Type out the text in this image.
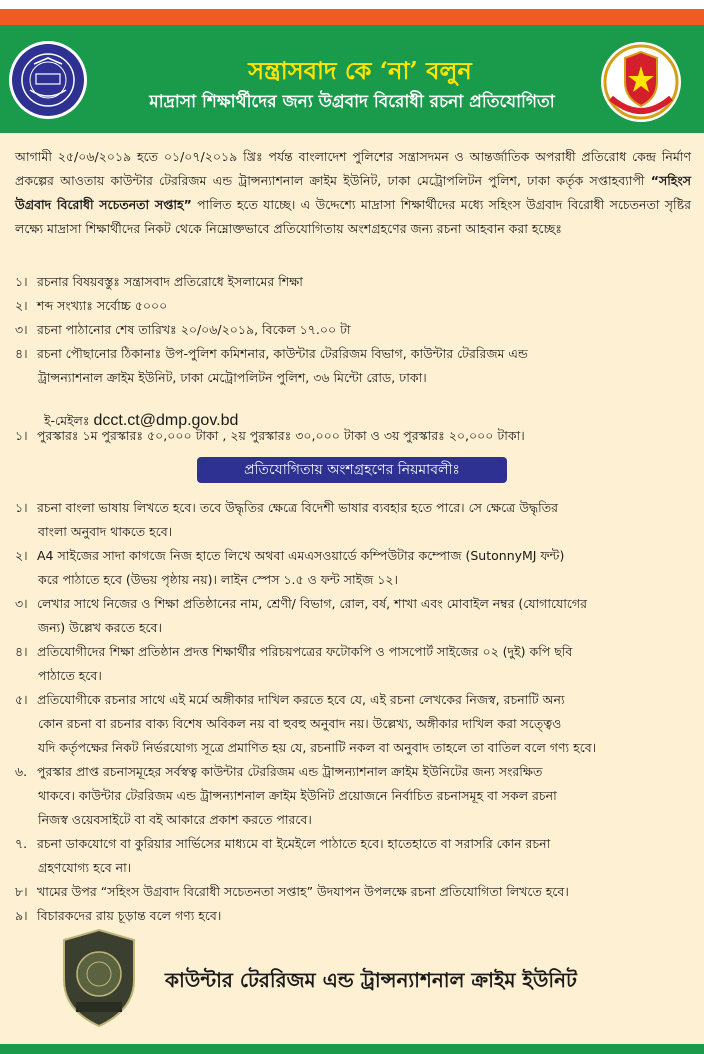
সন্ত্রাসবাদ কে ‘না’ বলুন
মাদ্রাসা শিক্ষার্থীদের জন্য উগ্রবাদ বিরোধী রচনা প্রতিযোগিতা
আগামী ২৫/০৬/২০১৯ হতে ০১/০৭/২০১৯ খ্রিঃ পর্যন্ত বাংলাদেশ পুলিশের সন্ত্রাসদমন ও আন্তর্জাতিক অপরাধী প্রতিরোধ কেন্দ্র নির্মাণ প্রকল্পের আওতায় কাউন্টার টেররিজম এন্ড ট্রান্সন্যাশনাল ক্রাইম ইউনিট, ঢাকা মেট্রোপলিটন পুলিশ, ঢাকা কর্তৃক সপ্তাহব্যাপী “সহিংস উগ্রবাদ বিরোধী সচেতনতা সপ্তাহ” পালিত হতে যাচ্ছে। এ উদ্দেশ্যে মাদ্রাসা শিক্ষার্থীদের মধ্যে সহিংস উগ্রবাদ বিরোধী সচেতনতা সৃষ্টির লক্ষ্যে মাদ্রাসা শিক্ষার্থীদের নিকট থেকে নিম্নোক্তভাবে প্রতিযোগিতায় অংশগ্রহণের জন্য রচনা আহবান করা হচ্ছেঃ
১। রচনার বিষয়বস্তুঃ সন্ত্রাসবাদ প্রতিরোধে ইসলামের শিক্ষা
২। শব্দ সংখ্যাঃ সর্বোচ্চ ৫০০০
৩। রচনা পাঠানোর শেষ তারিখঃ ২০/০৬/২০১৯, বিকেল ১৭.০০ টা
৪। রচনা পৌছানোর ঠিকানাঃ উপ-পুলিশ কমিশনার, কাউন্টার টেররিজম বিভাগ, কাউন্টার টেররিজম এন্ড
ট্রান্সন্যাশনাল ক্রাইম ইউনিট, ঢাকা মেট্রোপলিটন পুলিশ, ৩৬ মিন্টো রোড, ঢাকা।
ই-মেইলঃ dcct.ct@dmp.gov.bd
১। পুরস্কারঃ ১ম পুরস্কারঃ ৫০,০০০ টাকা , ২য় পুরস্কারঃ ৩০,০০০ টাকা ও ৩য় পুরস্কারঃ ২০,০০০ টাকা।
প্রতিযোগিতায় অংশগ্রহণের নিয়মাবলীঃ
১। রচনা বাংলা ভাষায় লিখতে হবে। তবে উদ্ধৃতির ক্ষেত্রে বিদেশী ভাষার ব্যবহার হতে পারে। সে ক্ষেত্রে উদ্ধৃতির
বাংলা অনুবাদ থাকতে হবে।
২। A4 সাইজের সাদা কাগজে নিজ হাতে লিখে অথবা এমএসওয়ার্ডে কম্পিউটার কম্পোজ (SutonnyMJ ফন্ট)
করে পাঠাতে হবে (উভয় পৃষ্ঠায় নয়)। লাইন স্পেস ১.৫ ও ফন্ট সাইজ ১২।
৩। লেখার সাথে নিজের ও শিক্ষা প্রতিষ্ঠানের নাম, শ্রেণী/ বিভাগ, রোল, বর্ষ, শাখা এবং মোবাইল নম্বর (যোগাযোগের
জন্য) উল্লেখ করতে হবে।
৪। প্রতিযোগীদের শিক্ষা প্রতিষ্ঠান প্রদত্ত শিক্ষার্থীর পরিচয়পত্রের ফটোকপি ও পাসপোর্ট সাইজের ০২ (দুই) কপি ছবি
পাঠাতে হবে।
৫। প্রতিযোগীকে রচনার সাথে এই মর্মে অঙ্গীকার দাখিল করতে হবে যে, এই রচনা লেখকের নিজস্ব, রচনাটি অন্য
কোন রচনা বা রচনার বাক্য বিশেষ অবিকল নয় বা হুবহু অনুবাদ নয়। উল্লেখ্য, অঙ্গীকার দাখিল করা সত্ত্বেও
যদি কর্তৃপক্ষের নিকট নির্ভরযোগ্য সূত্রে প্রমাণিত হয় যে, রচনাটি নকল বা অনুবাদ তাহলে তা বাতিল বলে গণ্য হবে।
৬. পুরস্কার প্রাপ্ত রচনাসমূহের সর্বস্বত্ব কাউন্টার টেররিজম এন্ড ট্রান্সন্যাশনাল ক্রাইম ইউনিটের জন্য সংরক্ষিত
থাকবে। কাউন্টার টেররিজম এন্ড ট্রান্সন্যাশনাল ক্রাইম ইউনিট প্রয়োজনে নির্বাচিত রচনাসমূহ বা সকল রচনা
নিজস্ব ওয়েবসাইটে বা বই আকারে প্রকাশ করতে পারবে।
৭. রচনা ডাকযোগে বা কুরিয়ার সার্ভিসের মাধ্যমে বা ইমেইলে পাঠাতে হবে। হাতেহাতে বা সরাসরি কোন রচনা
গ্রহণযোগ্য হবে না।
৮। খামের উপর “সহিংস উগ্রবাদ বিরোধী সচেতনতা সপ্তাহ” উদযাপন উপলক্ষে রচনা প্রতিযোগিতা লিখতে হবে।
৯। বিচারকদের রায় চূড়ান্ত বলে গণ্য হবে।
কাউন্টার টেররিজম এন্ড ট্রান্সন্যাশনাল ক্রাইম ইউনিট
